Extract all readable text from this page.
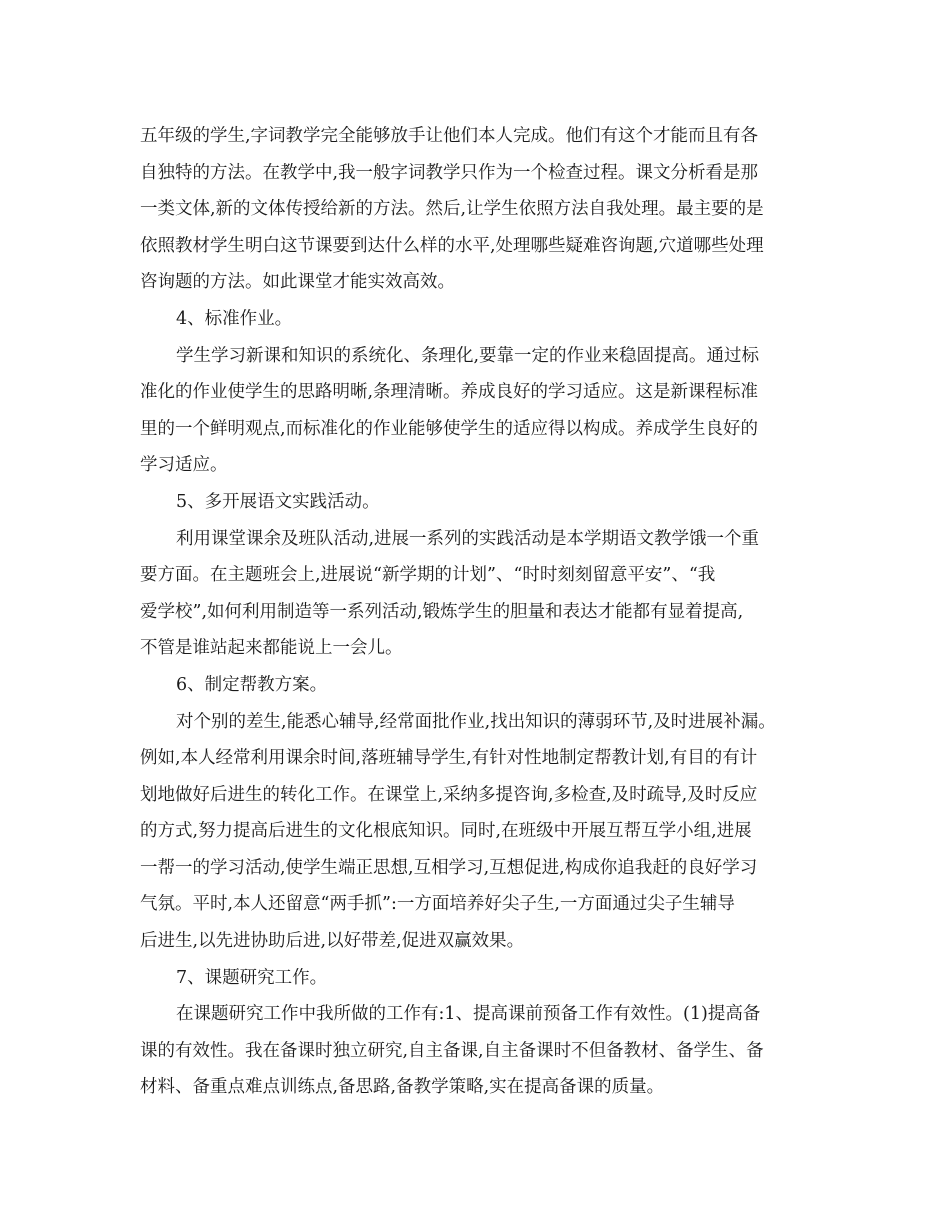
五年级的学生,字词教学完全能够放手让他们本人完成。他们有这个才能而且有各
自独特的方法。在教学中,我一般字词教学只作为一个检查过程。课文分析看是那
一类文体,新的文体传授给新的方法。然后,让学生依照方法自我处理。最主要的是
依照教材学生明白这节课要到达什么样的水平,处理哪些疑难咨询题,穴道哪些处理
咨询题的方法。如此课堂才能实效高效。
4、标准作业。
学生学习新课和知识的系统化、条理化,要靠一定的作业来稳固提高。通过标
准化的作业使学生的思路明晰,条理清晰。养成良好的学习适应。这是新课程标准
里的一个鲜明观点,而标准化的作业能够使学生的适应得以构成。养成学生良好的
学习适应。
5、多开展语文实践活动。
利用课堂课余及班队活动,进展一系列的实践活动是本学期语文教学饿一个重
要方面。在主题班会上,进展说“新学期的计划”、“时时刻刻留意平安”、“我
爱学校”,如何利用制造等一系列活动,锻炼学生的胆量和表达才能都有显着提高,
不管是谁站起来都能说上一会儿。
6、制定帮教方案。
对个别的差生,能悉心辅导,经常面批作业,找出知识的薄弱环节,及时进展补漏。
例如,本人经常利用课余时间,落班辅导学生,有针对性地制定帮教计划,有目的有计
划地做好后进生的转化工作。在课堂上,采纳多提咨询,多检查,及时疏导,及时反应
的方式,努力提高后进生的文化根底知识。同时,在班级中开展互帮互学小组,进展
一帮一的学习活动,使学生端正思想,互相学习,互想促进,构成你追我赶的良好学习
气氛。平时,本人还留意“两手抓”:一方面培养好尖子生,一方面通过尖子生辅导
后进生,以先进协助后进,以好带差,促进双赢效果。
7、课题研究工作。
在课题研究工作中我所做的工作有:1、提高课前预备工作有效性。(1)提高备
课的有效性。我在备课时独立研究,自主备课,自主备课时不但备教材、备学生、备
材料、备重点难点训练点,备思路,备教学策略,实在提高备课的质量。
